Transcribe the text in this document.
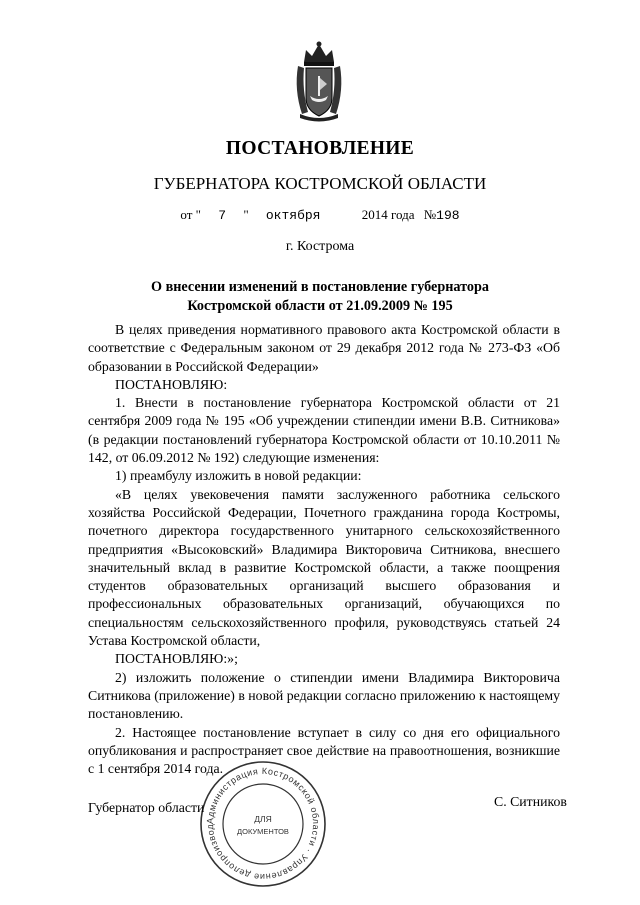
ПОСТАНОВЛЕНИЕ
ГУБЕРНАТОРА КОСТРОМСКОЙ ОБЛАСТИ
от " 7 " октября	2014 года №198
г. Кострома
О внесении изменений в постановление губернатора
Костромской области от 21.09.2009 № 195

В целях приведения нормативного правового акта Костромской области в соответствие с Федеральным законом от 29 декабря 2012 года № 273-ФЗ «Об образовании в Российской Федерации»

ПОСТАНОВЛЯЮ:

1. Внести в постановление губернатора Костромской области от 21 сентября 2009 года № 195 «Об учреждении стипендии имени В.В. Ситникова» (в редакции постановлений губернатора Костромской области от 10.10.2011 № 142, от 06.09.2012 № 192) следующие изменения:

1) преамбулу изложить в новой редакции:

«В целях увековечения памяти заслуженного работника сельского хозяйства Российской Федерации, Почетного гражданина города Костромы, почетного директора государственного унитарного сельскохозяйственного предприятия «Высоковский» Владимира Викторовича Ситникова, внесшего значительный вклад в развитие Костромской области, а также поощрения студентов образовательных организаций высшего образования и профессиональных образовательных организаций, обучающихся по специальностям сельскохозяйственного профиля, руководствуясь статьей 24 Устава Костромской области,

ПОСТАНОВЛЯЮ:»;

2) изложить положение о стипендии имени Владимира Викторовича Ситникова (приложение) в новой редакции согласно приложению к настоящему постановлению.

2. Настоящее постановление вступает в силу со дня его официального опубликования и распространяет свое действие на правоотношения, возникшие с 1 сентября 2014 года.

Администрация Костромской области · Управление делопроизвод
ДЛЯ
ДОКУМЕНТОВ
Губернатор области	С. Ситников
